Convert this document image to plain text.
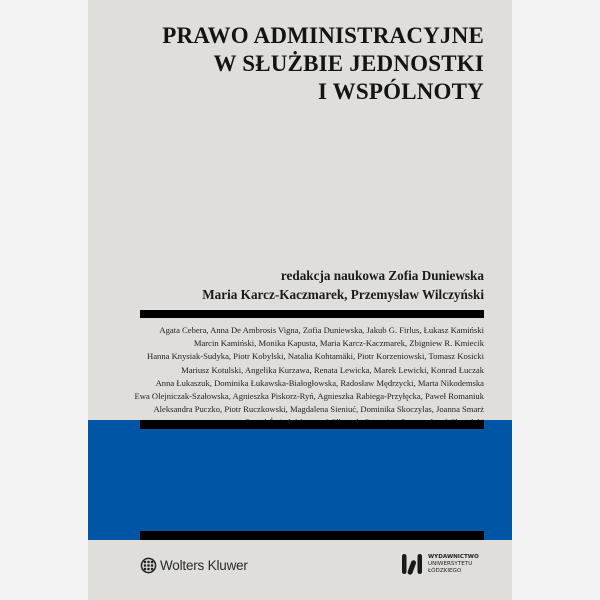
PRAWO ADMINISTRACYJNE
W SŁUŻBIE JEDNOSTKI
I WSPÓLNOTY
redakcja naukowa Zofia Duniewska
Maria Karcz-Kaczmarek, Przemysław Wilczyński
Agata Cebera, Anna De Ambrosis Vigna, Zofia Duniewska, Jakub G. Firlus, Łukasz Kamiński
Marcin Kamiński, Monika Kapusta, Maria Karcz-Kaczmarek, Zbigniew R. Kmiecik
Hanna Knysiak-Sudyka, Piotr Kobylski, Natalia Kohtamäki, Piotr Korzeniowski, Tomasz Kosicki
Mariusz Kotulski, Angelika Kurzawa, Renata Lewicka, Marek Lewicki, Konrad Łuczak
Anna Łukaszuk, Dominika Łukawska-Białogłowska, Radosław Mędrzycki, Marta Nikodemska
Ewa Olejniczak-Szałowska, Agnieszka Piskorz-Ryń, Agnieszka Rabiega-Przyłęcka, Paweł Romaniuk
Aleksandra Puczko, Piotr Ruczkowski, Magdalena Sieniuć, Dominika Skoczylas, Joanna Smarż
Wolters Kluwer
WYDAWNICTWO
UNIWERSYTETU
ŁÓDZKIEGO
